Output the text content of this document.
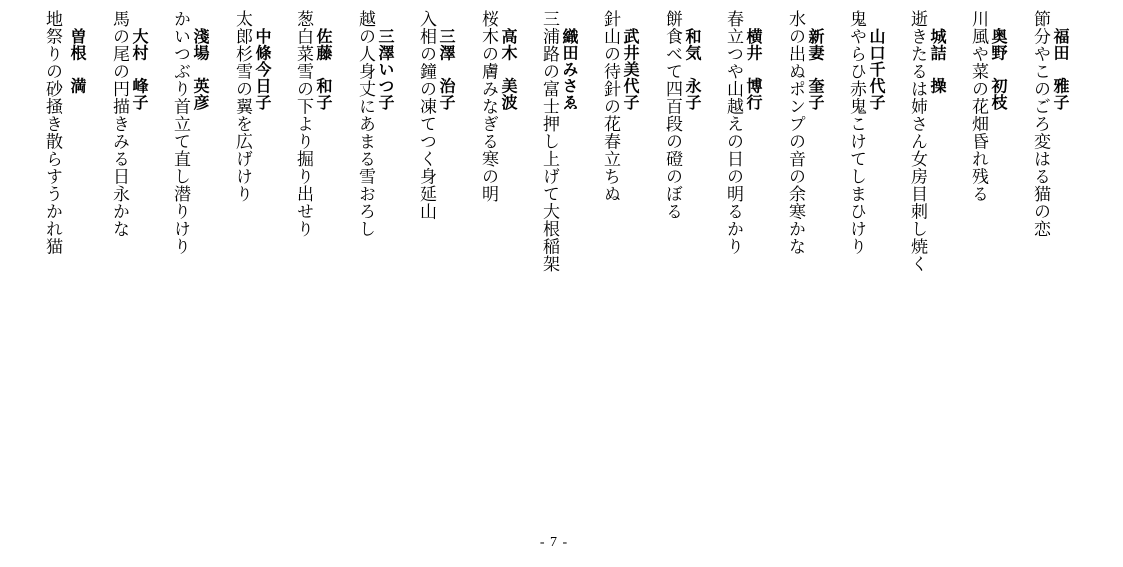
福田　雅子
節分やこのごろ変はる猫の恋
奥野　初枝
川風や菜の花畑昏れ残る
城詰　操
逝きたるは姉さん女房目刺し焼く
山口千代子
鬼やらひ赤鬼こけてしまひけり
新妻　奎子
水の出ぬポンプの音の余寒かな
横井　博行
春立つや山越えの日の明るかり
和気　永子
餅食べて四百段の磴のぼる
武井美代子
針山の待針の花春立ちぬ
織田みさゑ
三浦路の富士押し上げて大根稲架
高木　美波
桜木の膚みなぎる寒の明
三澤　治子
入相の鐘の凍てつく身延山
三澤いつ子
越の人身丈にあまる雪おろし
佐藤　和子
葱白菜雪の下より掘り出せり
中條今日子
太郎杉雪の翼を広げけり
淺場　英彦
かいつぶり首立て直し潜りけり
大村　峰子
馬の尾の円描きみる日永かな
曽根　満
地祭りの砂掻き散らすうかれ猫
- 7 -
